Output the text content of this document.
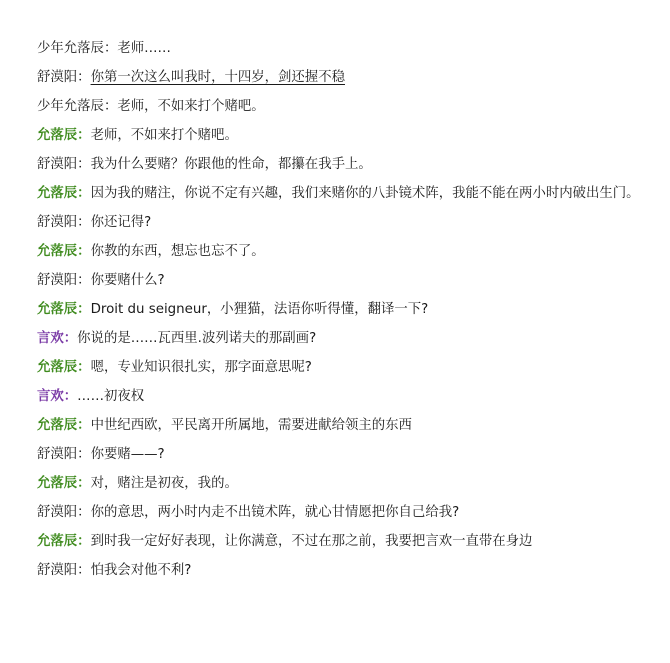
少年允落辰：老师……
舒漠阳：你第一次这么叫我时，十四岁，剑还握不稳
少年允落辰：老师，不如来打个赌吧。
允落辰：老师，不如来打个赌吧。
舒漠阳：我为什么要赌？你跟他的性命，都攥在我手上。
允落辰：因为我的赌注，你说不定有兴趣，我们来赌你的八卦镜术阵，我能不能在两小时内破出生门。
舒漠阳：你还记得?
允落辰：你教的东西，想忘也忘不了。
舒漠阳：你要赌什么?
允落辰：Droit du seigneur，小狸猫，法语你听得懂，翻译一下?
言欢：你说的是……瓦西里.波列诺夫的那副画?
允落辰：嗯，专业知识很扎实，那字面意思呢?
言欢：……初夜权
允落辰：中世纪西欧，平民离开所属地，需要进献给领主的东西
舒漠阳：你要赌——?
允落辰：对，赌注是初夜，我的。
舒漠阳：你的意思，两小时内走不出镜术阵，就心甘情愿把你自己给我?
允落辰：到时我一定好好表现，让你满意，不过在那之前，我要把言欢一直带在身边
舒漠阳：怕我会对他不利?
